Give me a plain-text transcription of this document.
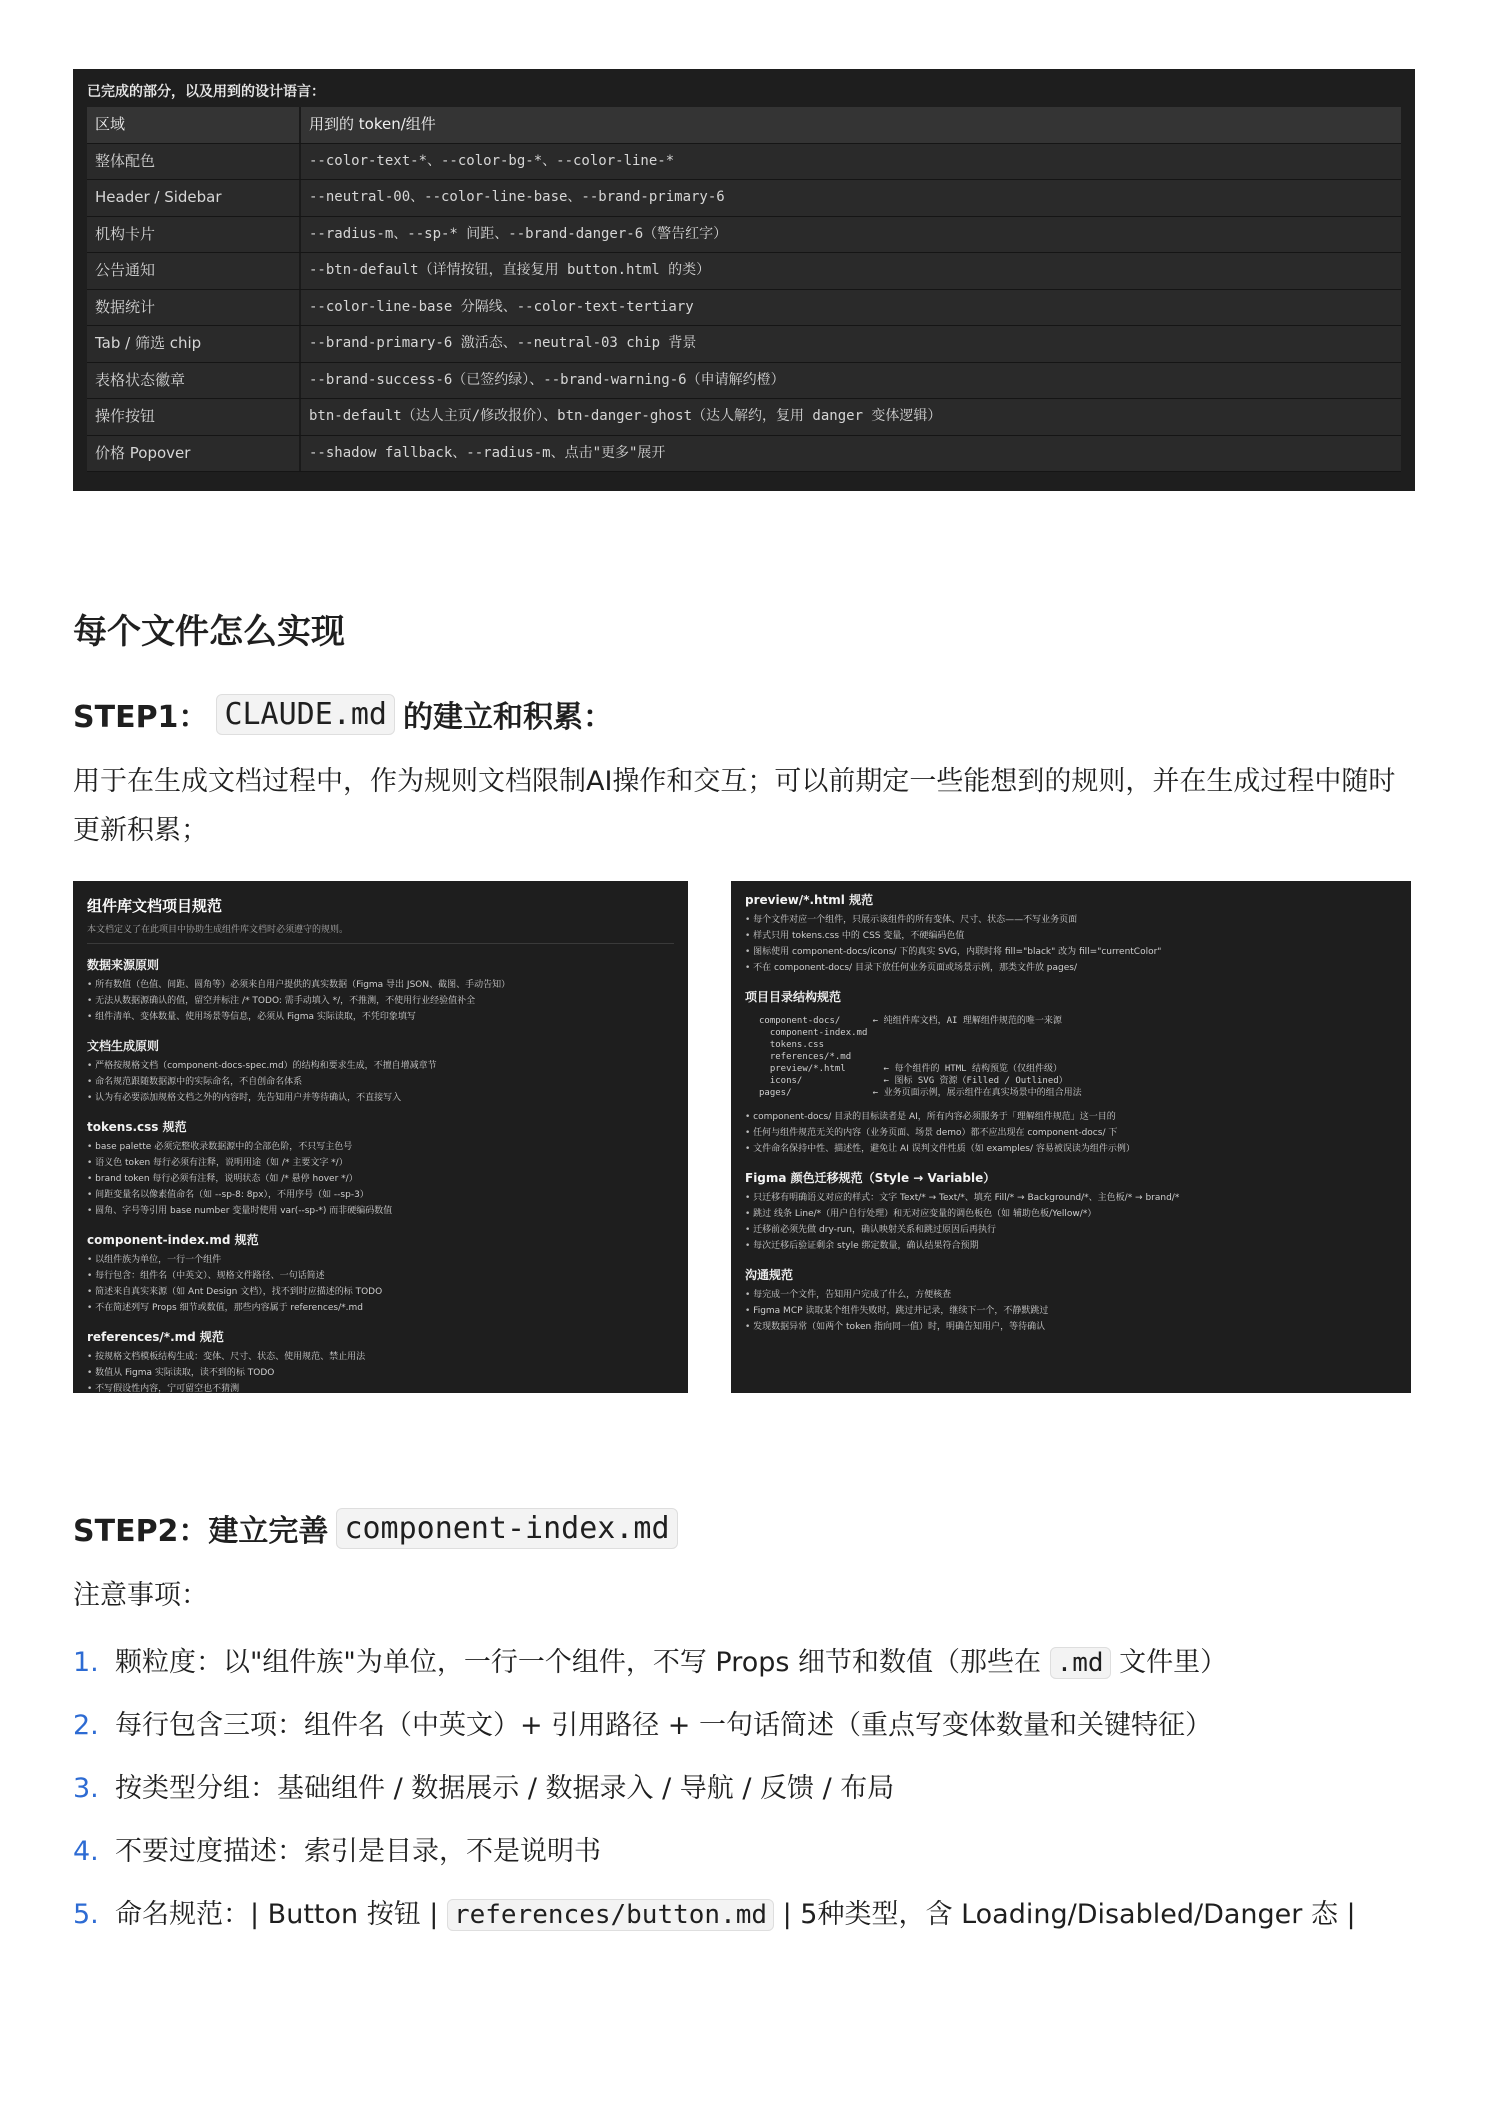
已完成的部分，以及用到的设计语言：
区域	用到的 token/组件
整体配色	--color-text-*、--color-bg-*、--color-line-*
Header / Sidebar	--neutral-00、--color-line-base、--brand-primary-6
机构卡片	--radius-m、--sp-* 间距、--brand-danger-6（警告红字）
公告通知	--btn-default（详情按钮，直接复用 button.html 的类）
数据统计	--color-line-base 分隔线、--color-text-tertiary
Tab / 筛选 chip	--brand-primary-6 激活态、--neutral-03 chip 背景
表格状态徽章	--brand-success-6（已签约绿）、--brand-warning-6（申请解约橙）
操作按钮	btn-default（达人主页/修改报价）、btn-danger-ghost（达人解约，复用 danger 变体逻辑）
价格 Popover	--shadow fallback、--radius-m、点击"更多"展开
每个文件怎么实现
STEP1： CLAUDE.md 的建立和积累：
用于在生成文档过程中，作为规则文档限制AI操作和交互；可以前期定一些能想到的规则，并在生成过程中随时更新积累；
组件库文档项目规范
本文档定义了在此项目中协助生成组件库文档时必须遵守的规则。
数据来源原则
• 所有数值（色值、间距、圆角等）必须来自用户提供的真实数据（Figma 导出 JSON、截图、手动告知）
• 无法从数据源确认的值，留空并标注 /* TODO: 需手动填入 */，不推测，不使用行业经验值补全
• 组件清单、变体数量、使用场景等信息，必须从 Figma 实际读取，不凭印象填写
文档生成原则
• 严格按规格文档（component-docs-spec.md）的结构和要求生成，不擅自增减章节
• 命名规范跟随数据源中的实际命名，不自创命名体系
• 认为有必要添加规格文档之外的内容时，先告知用户并等待确认，不直接写入
tokens.css 规范
• base palette 必须完整收录数据源中的全部色阶，不只写主色号
• 语义色 token 每行必须有注释，说明用途（如 /* 主要文字 */）
• brand token 每行必须有注释，说明状态（如 /* 悬停 hover */）
• 间距变量名以像素值命名（如 --sp-8: 8px），不用序号（如 --sp-3）
• 圆角、字号等引用 base number 变量时使用 var(--sp-*) 而非硬编码数值
component-index.md 规范
• 以组件族为单位，一行一个组件
• 每行包含：组件名（中英文）、规格文件路径、一句话简述
• 简述来自真实来源（如 Ant Design 文档），找不到时应描述的标 TODO
• 不在简述列写 Props 细节或数值，那些内容属于 references/*.md
references/*.md 规范
• 按规格文档模板结构生成：变体、尺寸、状态、使用规范、禁止用法
• 数值从 Figma 实际读取，读不到的标 TODO
• 不写假设性内容，宁可留空也不猜测
preview/*.html 规范
• 每个文件对应一个组件，只展示该组件的所有变体、尺寸、状态——不写业务页面
• 样式只用 tokens.css 中的 CSS 变量，不硬编码色值
• 图标使用 component-docs/icons/ 下的真实 SVG，内联时将 fill="black" 改为 fill="currentColor"
• 不在 component-docs/ 目录下放任何业务页面或场景示例，那类文件放 pages/
项目目录结构规范
component-docs/      ← 纯组件库文档，AI 理解组件规范的唯一来源
component-index.md
tokens.css
references/*.md
preview/*.html       ← 每个组件的 HTML 结构预览（仅组件级）
icons/               ← 图标 SVG 资源（Filled / Outlined）
pages/               ← 业务页面示例，展示组件在真实场景中的组合用法
• component-docs/ 目录的目标读者是 AI，所有内容必须服务于「理解组件规范」这一目的
• 任何与组件规范无关的内容（业务页面、场景 demo）都不应出现在 component-docs/ 下
• 文件命名保持中性、描述性，避免让 AI 误判文件性质（如 examples/ 容易被误读为组件示例）
Figma 颜色迁移规范（Style → Variable）
• 只迁移有明确语义对应的样式：文字 Text/* → Text/*、填充 Fill/* → Background/*、主色板/* → brand/*
• 跳过 线条 Line/*（用户自行处理）和无对应变量的调色板色（如 辅助色板/Yellow/*）
• 迁移前必须先做 dry-run，确认映射关系和跳过原因后再执行
• 每次迁移后验证剩余 style 绑定数量，确认结果符合预期
沟通规范
• 每完成一个文件，告知用户完成了什么，方便核查
• Figma MCP 读取某个组件失败时，跳过并记录，继续下一个，不静默跳过
• 发现数据异常（如两个 token 指向同一值）时，明确告知用户，等待确认
STEP2：建立完善 component-index.md
注意事项：
1. 颗粒度：以"组件族"为单位，一行一个组件，不写 Props 细节和数值（那些在 .md 文件里）
2. 每行包含三项：组件名（中英文）+ 引用路径 + 一句话简述（重点写变体数量和关键特征）
3. 按类型分组：基础组件 / 数据展示 / 数据录入 / 导航 / 反馈 / 布局
4. 不要过度描述：索引是目录，不是说明书
5. 命名规范：| Button 按钮 | references/button.md | 5种类型，含 Loading/Disabled/Danger 态 |
